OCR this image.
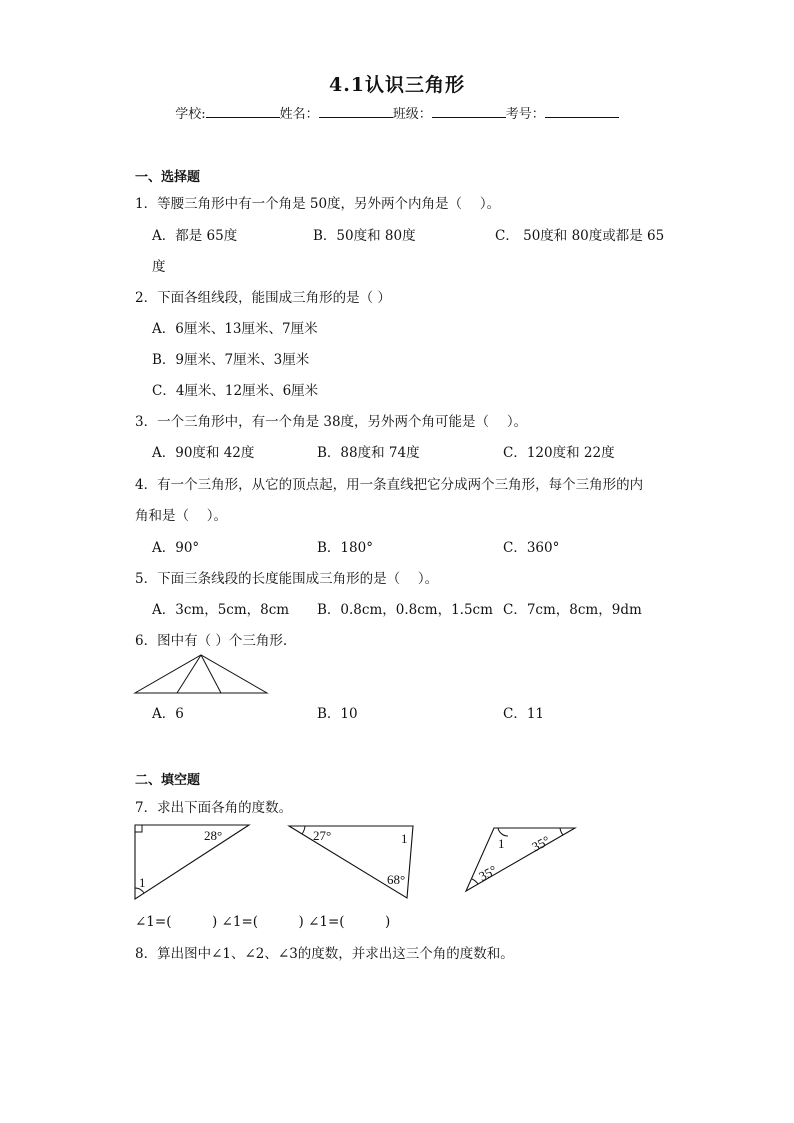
4.1认识三角形
学校:	姓名：	班级：	考号：
一、选择题
1．等腰三角形中有一个角是 50度，另外两个内角是（　 ）。
A．都是 65度	B．50度和 80度	C． 50度和 80度或都是 65
度
2．下面各组线段，能围成三角形的是（ ）
A．6厘米、13厘米、7厘米
B．9厘米、7厘米、3厘米
C．4厘米、12厘米、6厘米
3．一个三角形中，有一个角是 38度，另外两个角可能是（　 ）。
A．90度和 42度	B．88度和 74度	C．120度和 22度
4．有一个三角形，从它的顶点起，用一条直线把它分成两个三角形，每个三角形的内
角和是（　 ）。
A．90°	B．180°	C．360°
5．下面三条线段的长度能围成三角形的是（　 ）。
A．3cm，5cm，8cm B．0.8cm，0.8cm，1.5cm C．7cm，8cm，9dm
6．图中有（ ）个三角形.
A．6	B．10	C．11
二、填空题
7．求出下面各角的度数。
28°
1
27°	1
68°
1 35°
35°
∠1=(　　　) ∠1=(　　　) ∠1=(　　　)
8．算出图中∠1、∠2、∠3的度数，并求出这三个角的度数和。
